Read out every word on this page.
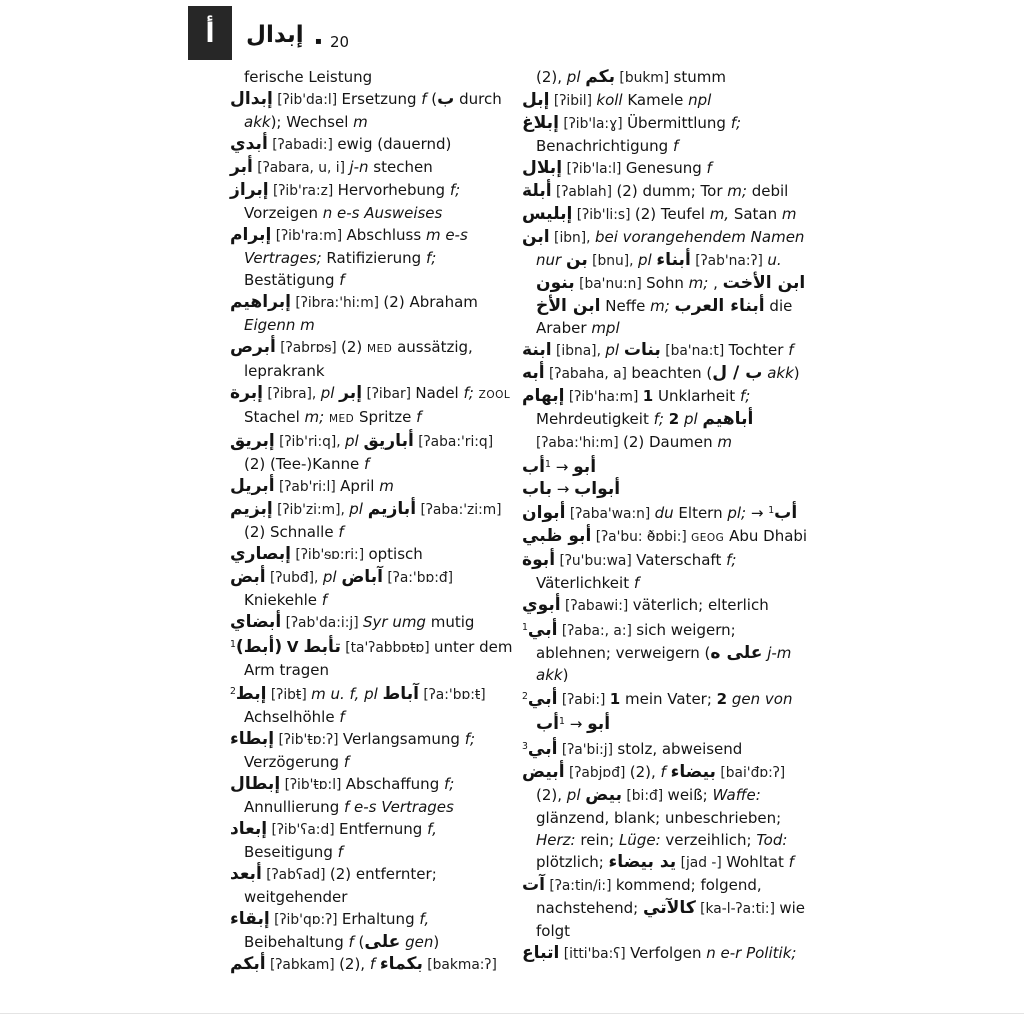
أ إبدال ▪ 20
ferische Leistung
إبدال [ʔib'da:l] Ersetzung f (ب durch akk); Wechsel m
أبدي [ʔabadi:] ewig (dauernd)
أبر [ʔabara, u, i] j-n stechen
إبراز [ʔib'ra:z] Hervorhebung f; Vorzeigen n e-s Ausweises
إبرام [ʔib'ra:m] Abschluss m e-s Vertrages; Ratifizierung f; Bestätigung f
إبراهيم [ʔibra:'hi:m] (2) Abraham Eigenn m
أبرص [ʔabrɒᵴ] (2) MED aussätzig, leprakrank
إبرة [ʔibra], pl إبر [ʔibar] Nadel f; ZOOL Stachel m; MED Spritze f
إبريق [ʔib'ri:q], pl أباريق [ʔaba:'ri:q] (2) (Tee-)Kanne f
أبريل [ʔab'ri:l] April m
إبزيم [ʔib'zi:m], pl أبازيم [ʔaba:'zi:m] (2) Schnalle f
إبصاري [ʔib'ᵴɒ:ri:] optisch
أبض [ʔubđ], pl آباض [ʔa:'bɒ:đ] Kniekehle f
أبضاي [ʔab'da:i:j] Syr umg mutig
$^1$(أبط) V تأبط [ta'ʔabbɒŧɒ] unter dem Arm tragen
$^2$إبط [ʔibŧ] m u. f, pl آباط [ʔa:'bɒ:ŧ] Achselhöhle f
إبطاء [ʔib'ŧɒ:ʔ] Verlangsamung f; Verzögerung f
إبطال [ʔib'ŧɒ:l] Abschaffung f; Annullierung f e-s Vertrages
إبعاد [ʔib'ʕa:d] Entfernung f, Beseitigung f
أبعد [ʔabʕad] (2) entfernter; weitgehender
إبقاء [ʔib'qɒ:ʔ] Erhaltung f, Beibehaltung f (على gen)
أبكم [ʔabkam] (2), f بكماء [bakma:ʔ]
(2), pl بكم [bukm] stumm
إبل [ʔibil] koll Kamele npl
إبلاغ [ʔib'la:ɣ] Übermittlung f; Benachrichtigung f
إبلال [ʔib'la:l] Genesung f
أبلة [ʔablah] (2) dumm; Tor m; debil
إبليس [ʔib'li:s] (2) Teufel m, Satan m
ابن [ibn], bei vorangehendem Namen nur بن [bnu], pl أبناء [ʔab'na:ʔ] u. بنون [ba'nu:n] Sohn m; , ابن الأخت ابن الأخ Neffe m; أبناء العرب die Araber mpl
ابنة [ibna], pl بنات [ba'na:t] Tochter f
أبه [ʔabaha, a] beachten (ب / ل akk)
إبهام [ʔib'ha:m] 1 Unklarheit f; Mehrdeutigkeit f; 2 pl أباهيم [ʔaba:'hi:m] (2) Daumen m
أب$^1$ → أبو
باب → أبواب
أبوان [ʔaba'wa:n] du Eltern pl; → $^1$أب
أبو ظبي [ʔa'bu: ð̴ɒbi:] GEOG Abu Dhabi
أبوة [ʔu'bu:wa] Vaterschaft f; Väterlichkeit f
أبوي [ʔabawi:] väterlich; elterlich
$^1$أبي [ʔaba:, a:] sich weigern; ablehnen; verweigern (على ه j-m akk)
$^2$أبي [ʔabi:] 1 mein Vater; 2 gen von أب$^1$ → أبو
$^3$أبي [ʔa'bi:j] stolz, abweisend
أبيض [ʔabjɒđ] (2), f بيضاء [bai'đɒ:ʔ] (2), pl بيض [bi:đ] weiß; Waffe: glänzend, blank; unbeschrieben; Herz: rein; Lüge: verzeihlich; Tod: plötzlich; يد بيضاء [jad -] Wohltat f
آت [ʔa:tin/i:] kommend; folgend, nachstehend; كالآتي [ka-l-ʔa:ti:] wie folgt
اتباع [itti'ba:ʕ] Verfolgen n e-r Politik;
